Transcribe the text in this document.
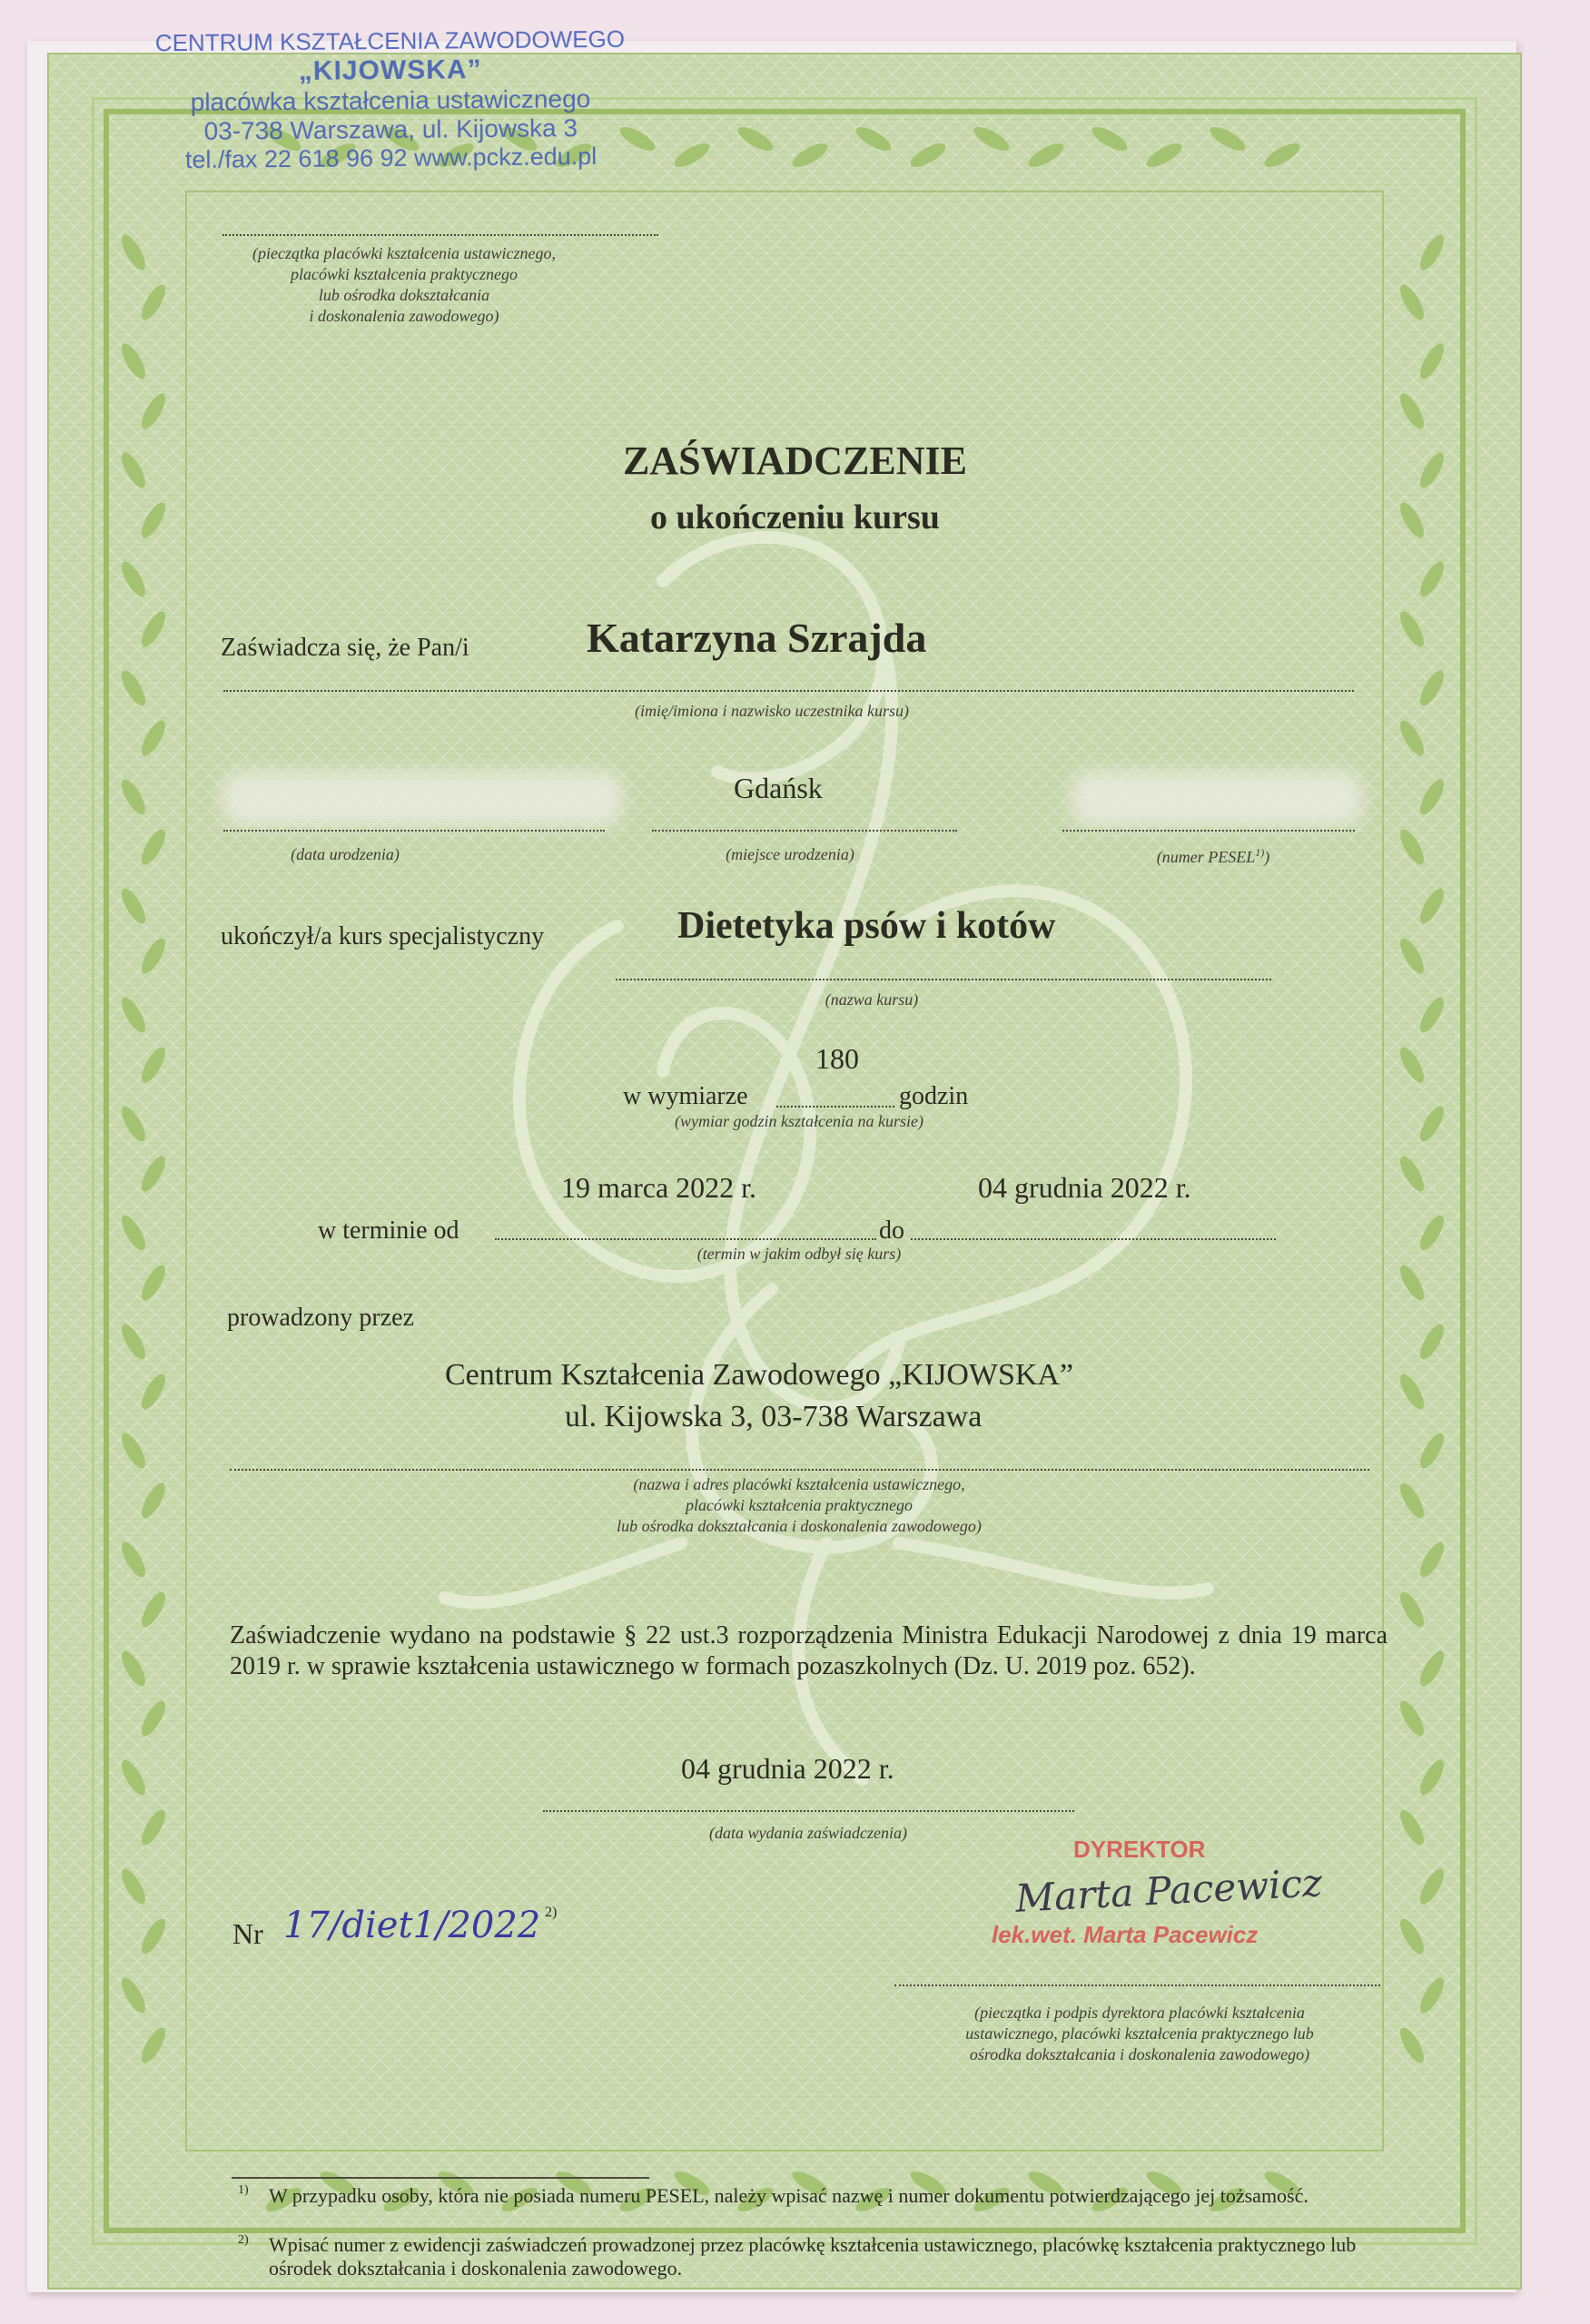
CENTRUM KSZTAŁCENIA ZAWODOWEGO
„KIJOWSKA”
placówka kształcenia ustawicznego
03-738 Warszawa, ul. Kijowska 3
tel./fax 22 618 96 92 www.pckz.edu.pl
(pieczątka placówki kształcenia ustawicznego,
placówki kształcenia praktycznego
lub ośrodka dokształcania
i doskonalenia zawodowego)
ZAŚWIADCZENIE
o ukończeniu kursu
Zaświadcza się, że Pan/i	Katarzyna Szrajda
(imię/imiona i nazwisko uczestnika kursu)
Gdańsk
(data urodzenia)	(miejsce urodzenia)	(numer PESEL$^{1)}$)
ukończył/a kurs specjalistyczny	Dietetyka psów i kotów
(nazwa kursu)
180
w wymiarze	godzin
(wymiar godzin kształcenia na kursie)
19 marca 2022 r.	04 grudnia 2022 r.
w terminie od	do
(termin w jakim odbył się kurs)
prowadzony przez
Centrum Kształcenia Zawodowego „KIJOWSKA”
ul. Kijowska 3, 03-738 Warszawa
(nazwa i adres placówki kształcenia ustawicznego,
placówki kształcenia praktycznego
lub ośrodka dokształcania i doskonalenia zawodowego)
Zaświadczenie wydano na podstawie § 22 ust.3 rozporządzenia Ministra Edukacji Narodowej z dnia 19 marca 2019 r. w sprawie kształcenia ustawicznego w formach pozaszkolnych (Dz. U. 2019 poz. 652).
04 grudnia 2022 r.
(data wydania zaświadczenia)
Nr 17/diet1/2022 2)
DYREKTOR
Marta Pacewicz
lek.wet. Marta Pacewicz
(pieczątka i podpis dyrektora placówki kształcenia
ustawicznego, placówki kształcenia praktycznego lub
ośrodka dokształcania i doskonalenia zawodowego)
1) W przypadku osoby, która nie posiada numeru PESEL, należy wpisać nazwę i numer dokumentu potwierdzającego jej tożsamość.
2) Wpisać numer z ewidencji zaświadczeń prowadzonej przez placówkę kształcenia ustawicznego, placówkę kształcenia praktycznego lub ośrodek dokształcania i doskonalenia zawodowego.
